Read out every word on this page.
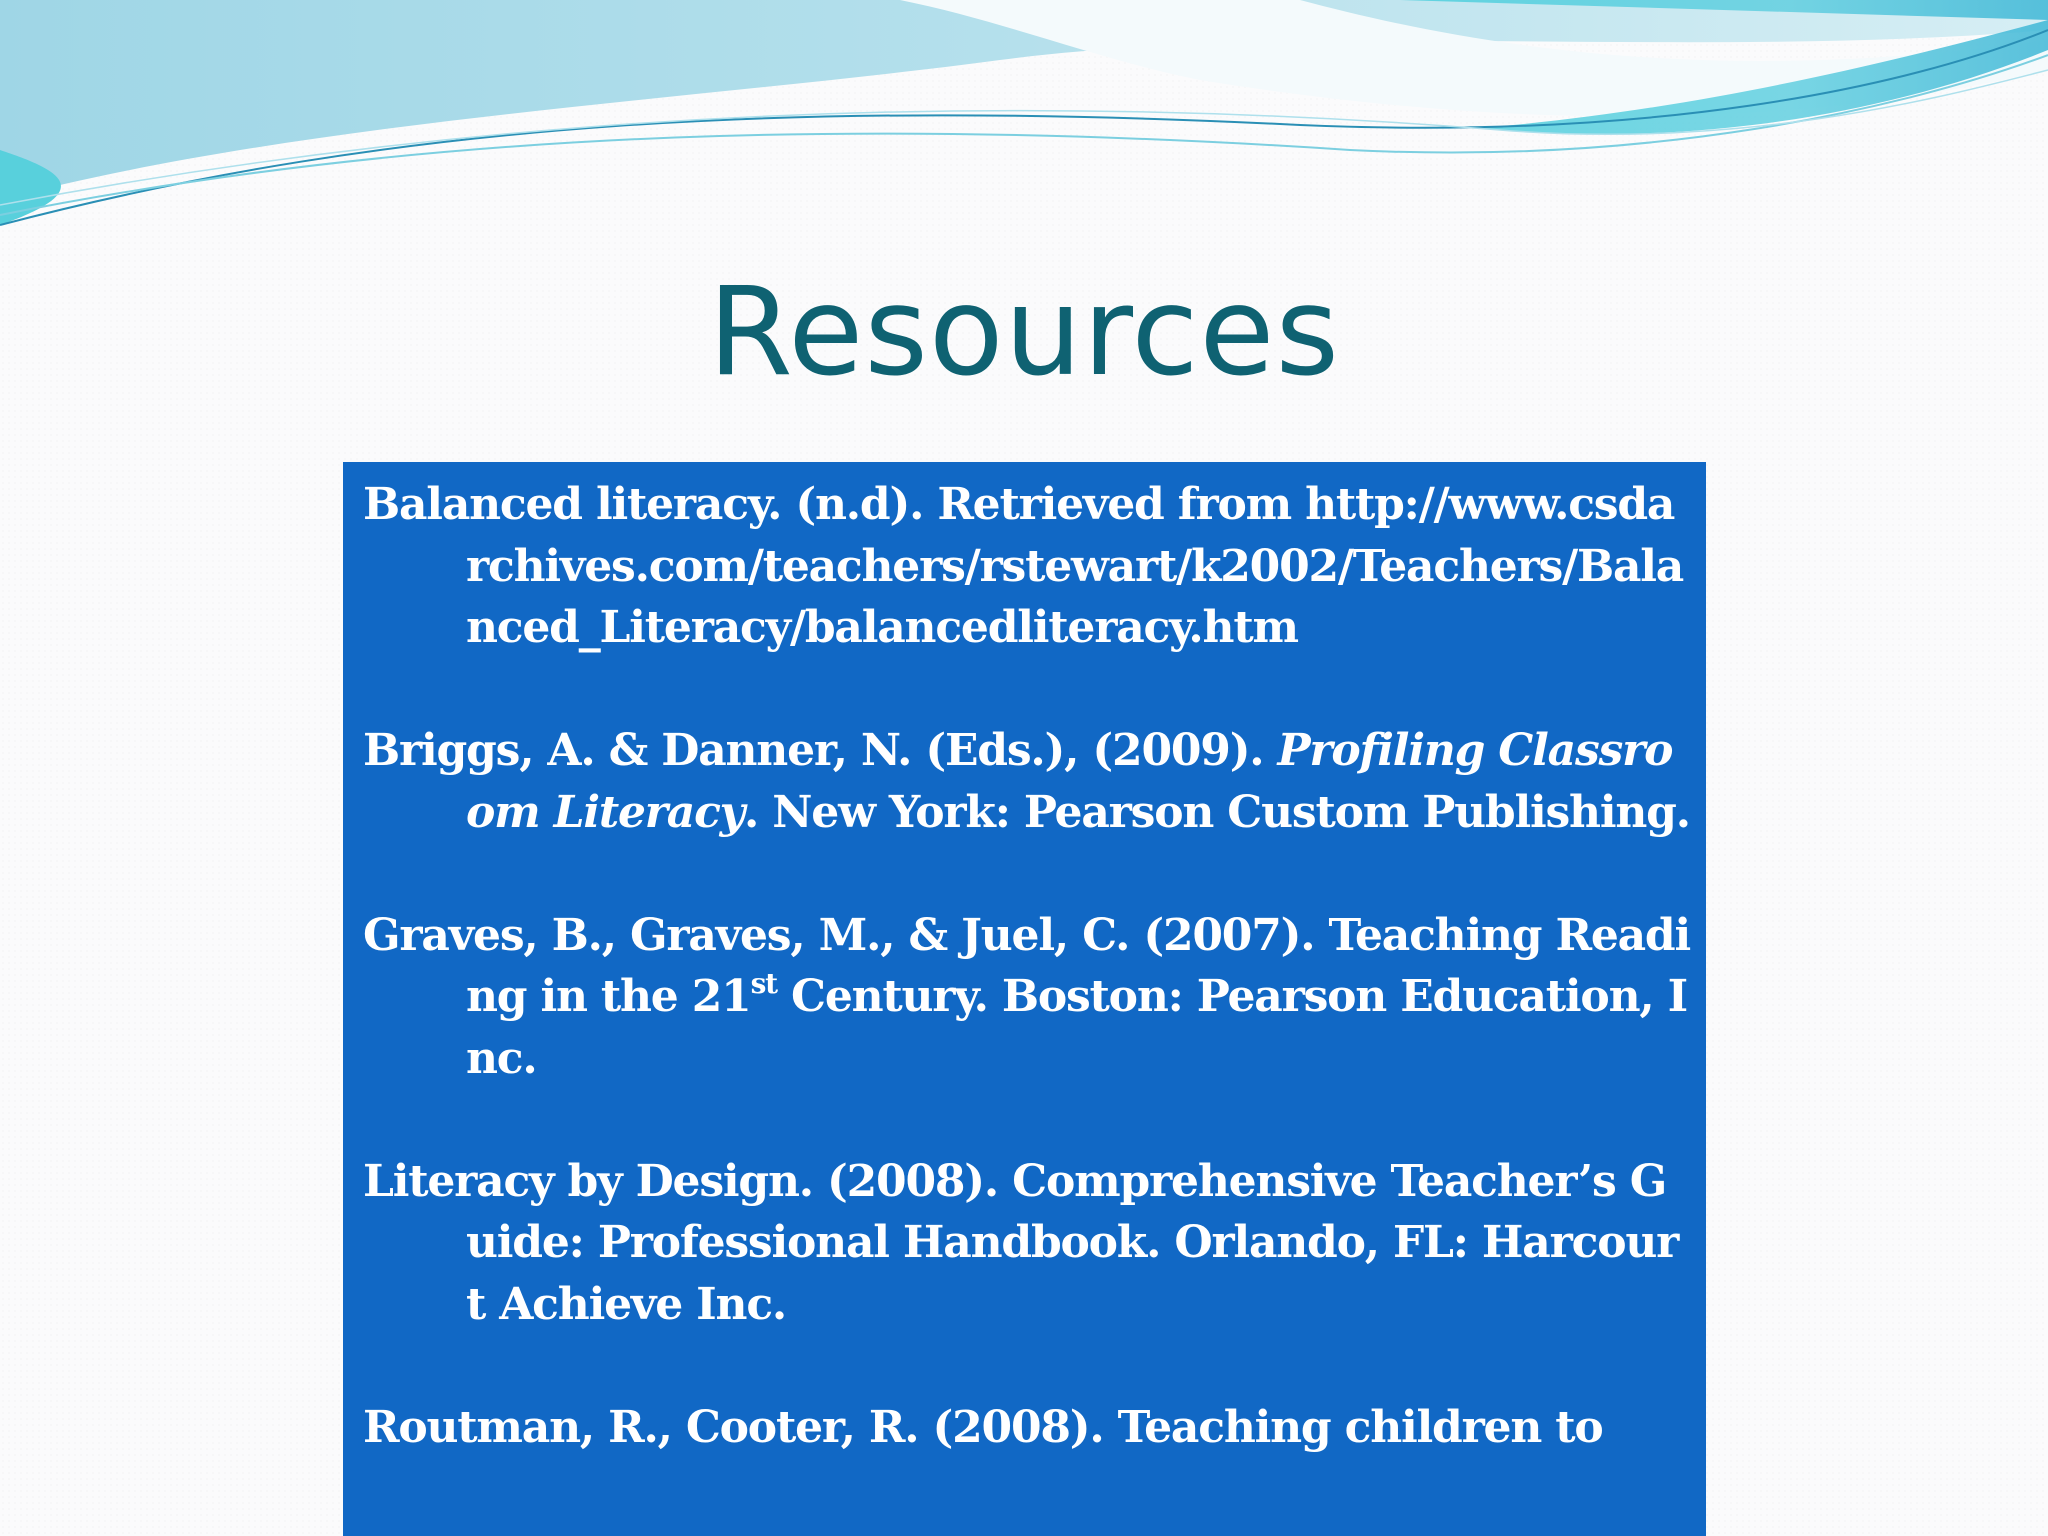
Resources
Balanced literacy. (n.d). Retrieved from http://www.csdarchives.com/teachers/rstewart/k2002/Teachers/Balanced_Literacy/balancedliteracy.htm
Briggs, A. & Danner, N. (Eds.), (2009). Profiling Classroom Literacy. New York: Pearson Custom Publishing.
Graves, B., Graves, M., & Juel, C. (2007). Teaching Reading in the 21st Century. Boston: Pearson Education, Inc.
Literacy by Design. (2008). Comprehensive Teacher’s Guide: Professional Handbook. Orlando, FL: Harcourt Achieve Inc.
Routman, R., Cooter, R. (2008). Teaching children to
